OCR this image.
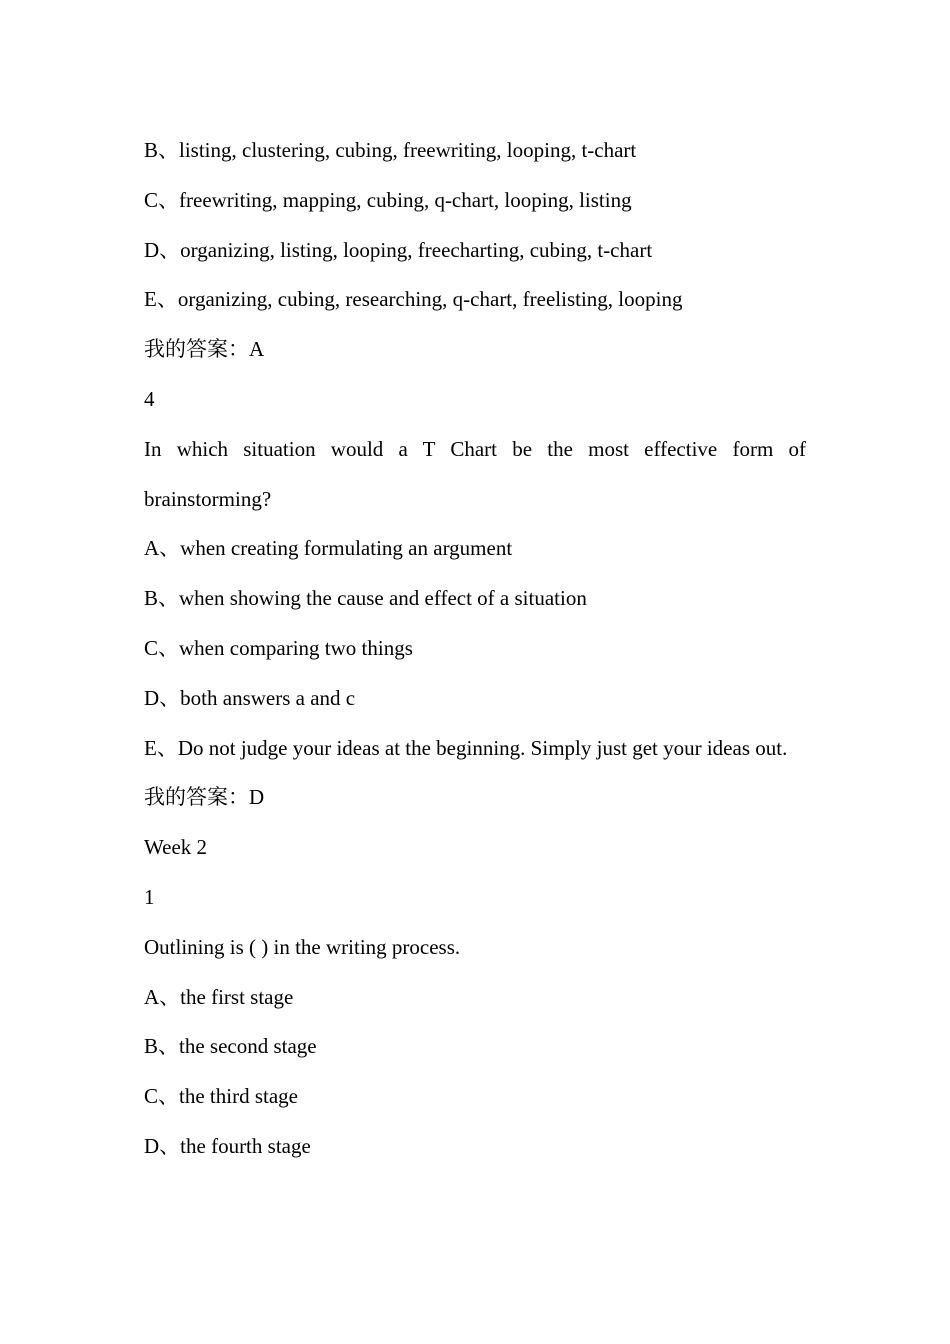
B、listing, clustering, cubing, freewriting, looping, t-chart

C、freewriting, mapping, cubing, q-chart, looping, listing

D、organizing, listing, looping, freecharting, cubing, t-chart

E、organizing, cubing, researching, q-chart, freelisting, looping

我的答案：A

4

In which situation would a T Chart be the most effective form of brainstorming?

A、when creating formulating an argument

B、when showing the cause and effect of a situation

C、when comparing two things

D、both answers a and c

E、Do not judge your ideas at the beginning. Simply just get your ideas out.

我的答案：D

Week 2

1

Outlining is ( ) in the writing process.

A、the first stage

B、the second stage

C、the third stage

D、the fourth stage
